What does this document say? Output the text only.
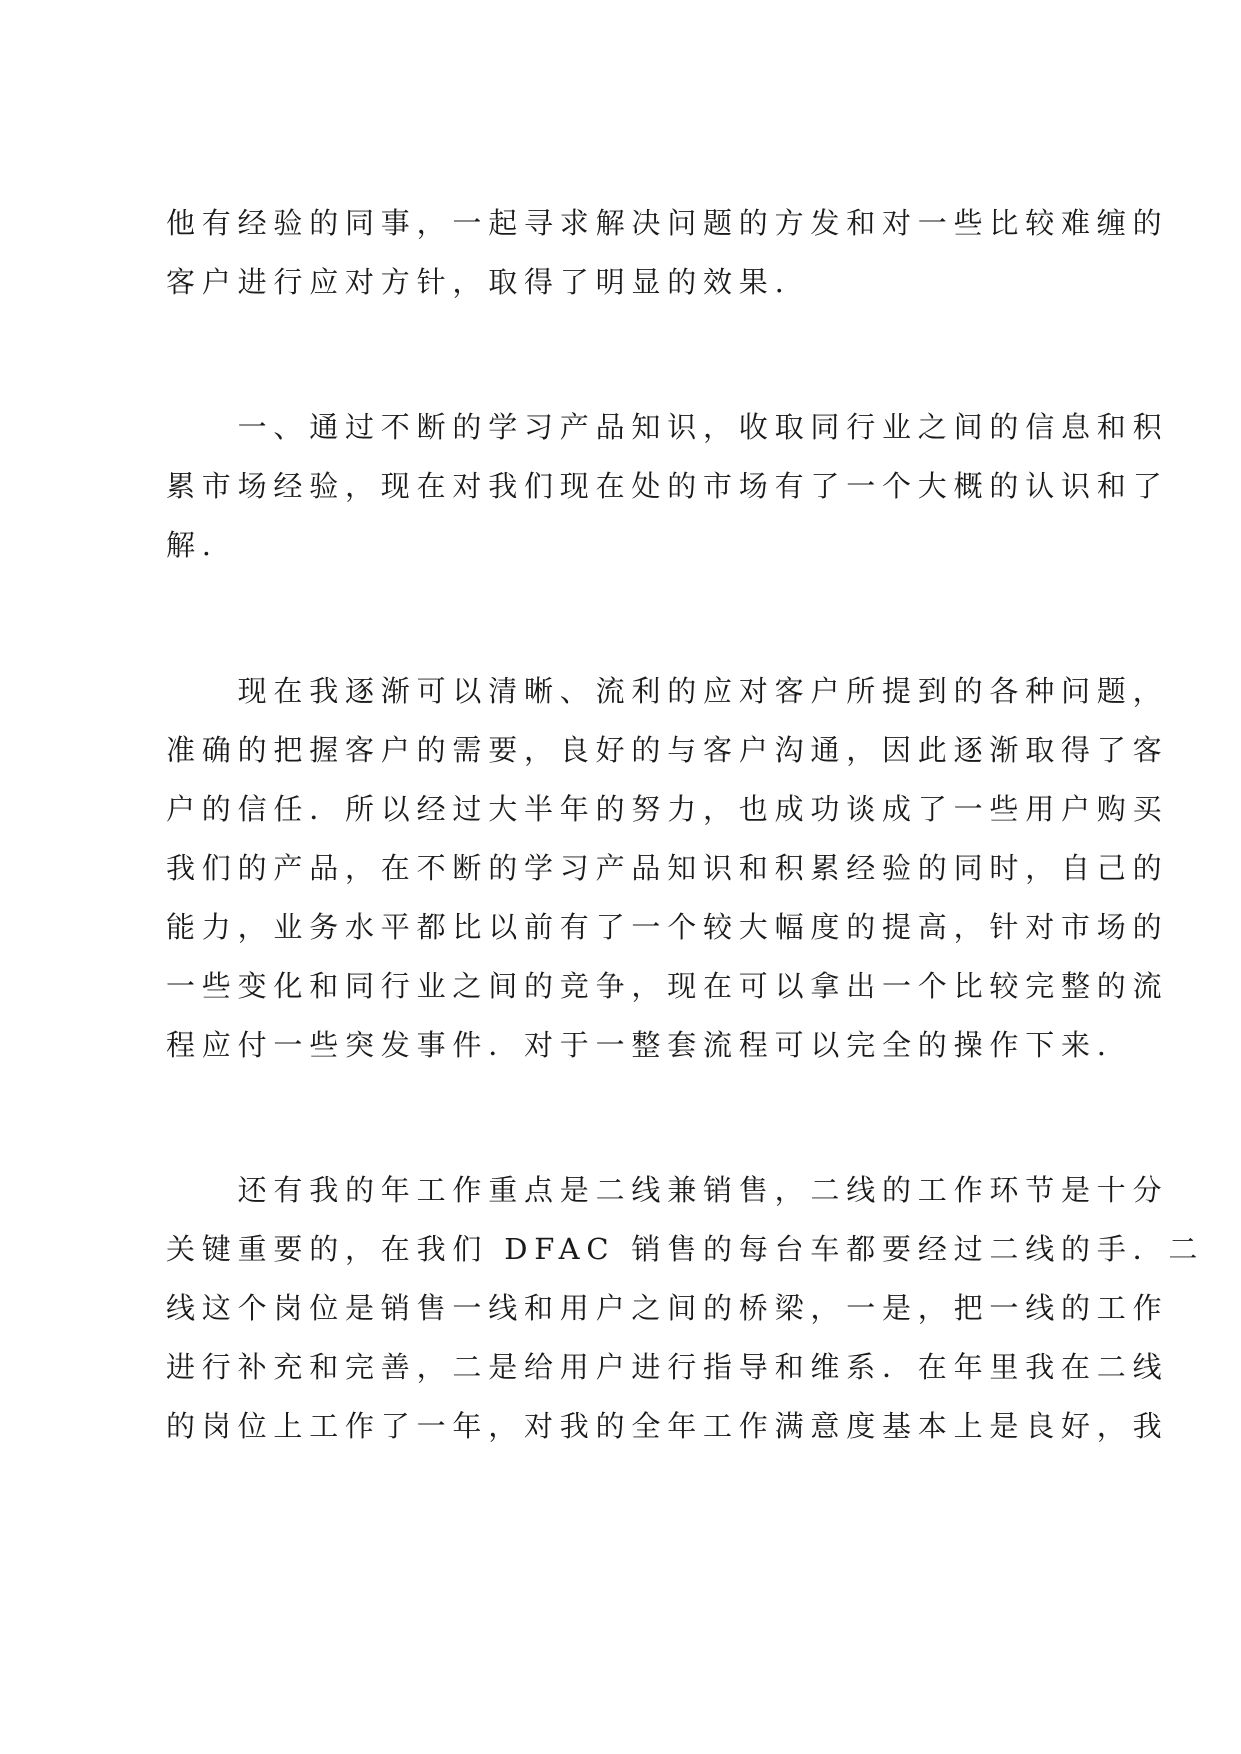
他有经验的同事，一起寻求解决问题的方发和对一些比较难缠的
客户进行应对方针，取得了明显的效果.
　　一、通过不断的学习产品知识，收取同行业之间的信息和积
累市场经验，现在对我们现在处的市场有了一个大概的认识和了
解.
　　现在我逐渐可以清晰、流利的应对客户所提到的各种问题，
准确的把握客户的需要，良好的与客户沟通，因此逐渐取得了客
户的信任．所以经过大半年的努力，也成功谈成了一些用户购买
我们的产品，在不断的学习产品知识和积累经验的同时，自己的
能力，业务水平都比以前有了一个较大幅度的提高，针对市场的
一些变化和同行业之间的竞争，现在可以拿出一个比较完整的流
程应付一些突发事件．对于一整套流程可以完全的操作下来.
　　还有我的年工作重点是二线兼销售，二线的工作环节是十分
关键重要的，在我们 DFAC 销售的每台车都要经过二线的手．二
线这个岗位是销售一线和用户之间的桥梁，一是，把一线的工作
进行补充和完善，二是给用户进行指导和维系．在年里我在二线
的岗位上工作了一年，对我的全年工作满意度基本上是良好，我
